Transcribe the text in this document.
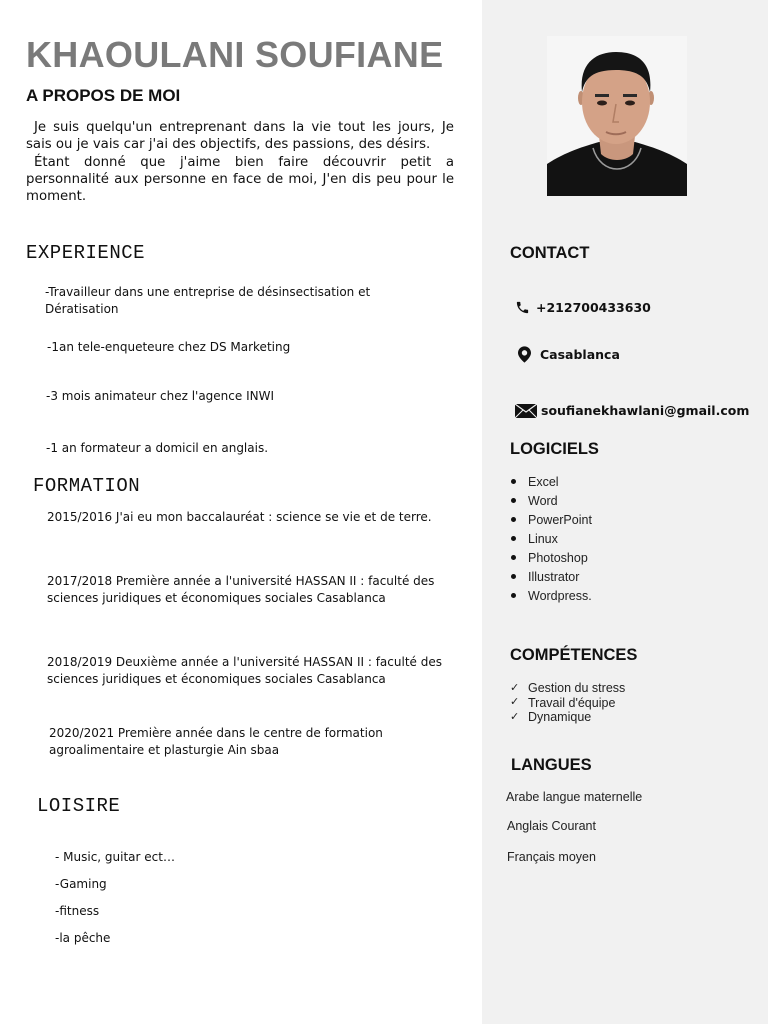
KHAOULANI SOUFIANE
A PROPOS DE MOI

Je suis quelqu'un entreprenant dans la vie tout les jours, Je sais ou je vais car j'ai des objectifs, des passions, des désirs.

Étant donné que j'aime bien faire découvrir petit a personnalité aux personne en face de moi, J'en dis peu pour le moment.

EXPERIENCE
-Travailleur dans une entreprise de désinsectisation et Dératisation
-1an tele-enqueteure chez DS Marketing
-3 mois animateur chez l'agence INWI
-1 an formateur a domicil en anglais.
FORMATION
2015/2016 J'ai eu mon baccalauréat : science se vie et de terre.
2017/2018 Première année a l'université HASSAN II : faculté des sciences juridiques et économiques sociales Casablanca
2018/2019 Deuxième année a l'université HASSAN II : faculté des sciences juridiques et économiques sociales Casablanca
2020/2021 Première année dans le centre de formation agroalimentaire et plasturgie Ain sbaa
LOISIRE
- Music, guitar ect…
-Gaming
-fitness
-la pêche
CONTACT
+212700433630
Casablanca
soufianekhawlani@gmail.com
LOGICIELS
Excel
Word
PowerPoint
Linux
Photoshop
Illustrator
Wordpress.
COMPÉTENCES
✓ Gestion du stress
✓ Travail d'équipe
✓ Dynamique
LANGUES
Arabe langue maternelle
Anglais Courant
Français moyen
